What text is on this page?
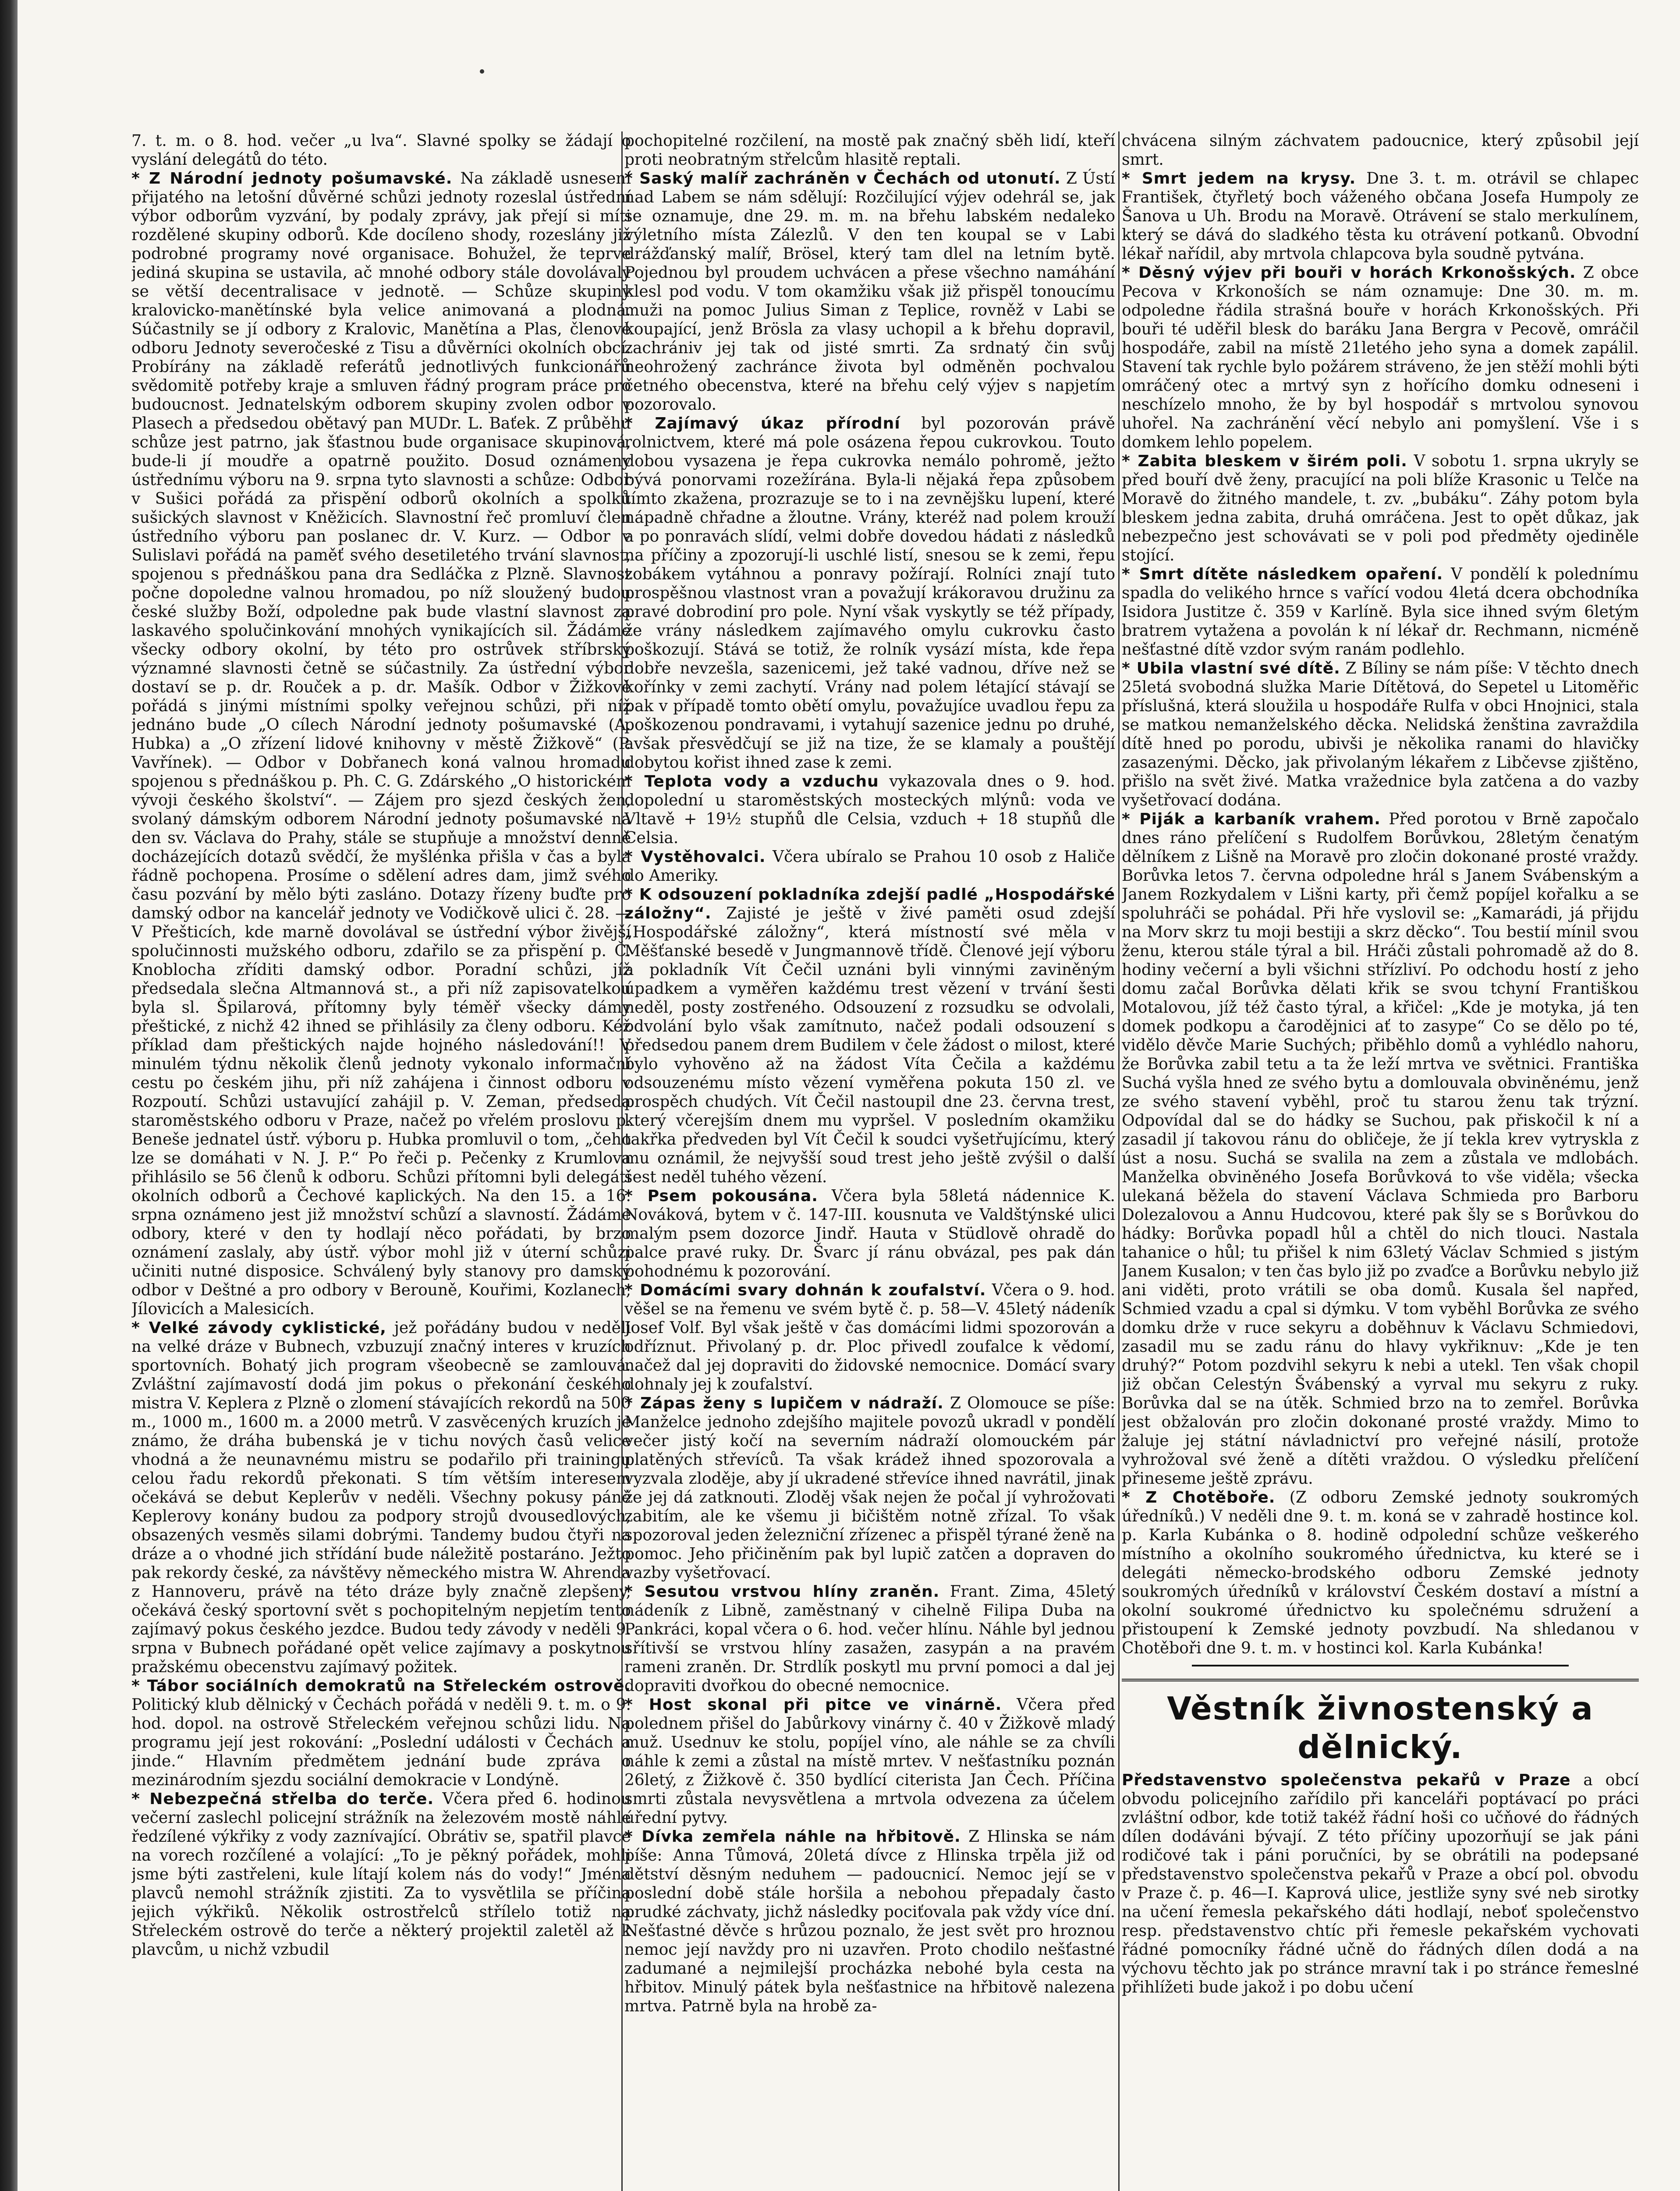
7. t. m. o 8. hod. večer „u lva“. Slavné spolky se žádají o vyslání delegátů do této.

* Z Národní jednoty pošumavské. Na základě usnesení přijatého na letošní důvěrné schůzi jednoty rozeslal ústřední výbor odborům vyzvání, by podaly zprávy, jak přejí si míti rozdělené skupiny odborů. Kde docíleno shody, rozeslány již podrobné programy nové organisace. Bohužel, že teprve jediná skupina se ustavila, ač mnohé odbory stále dovolávaly se větší decentralisace v jednotě. — Schůze skupiny kralovicko-manětínské byla velice animovaná a plodná. Súčastnily se jí odbory z Kralovic, Manětína a Plas, členové odboru Jednoty severočeské z Tisu a důvěrníci okolních obcí. Probírány na základě referátů jednotlivých funkcionářů svědomitě potřeby kraje a smluven řádný program práce pro budoucnost. Jednatelským odborem skupiny zvolen odbor v Plasech a předsedou obětavý pan MUDr. L. Baťek. Z průběhu schůze jest patrno, jak šťastnou bude organisace skupinová, bude-li jí moudře a opatrně použito. Dosud oznámeny ústřednímu výboru na 9. srpna tyto slavnosti a schůze: Odbor v Sušici pořádá za přispění odborů okolních a spolků sušických slavnost v Kněžicích. Slavnostní řeč promluví člen ústředního výboru pan poslanec dr. V. Kurz. — Odbor v Sulislavi pořádá na paměť svého desetiletého trvání slavnost, spojenou s přednáškou pana dra Sedláčka z Plzně. Slavnost počne dopoledne valnou hromadou, po níž sloužený budou české služby Boží, odpoledne pak bude vlastní slavnost za laskavého spolučinkování mnohých vynikajících sil. Žádáme všecky odbory okolní, by této pro ostrůvek stříbrský významné slavnosti četně se súčastnily. Za ústřední výbor dostaví se p. dr. Rouček a p. dr. Mašík. Odbor v Žižkově pořádá s jinými místními spolky veřejnou schůzi, při níž jednáno bude „O cílech Národní jednoty pošumavské (A. Hubka) a „O zřízení lidové knihovny v městě Žižkově“ (P. Vavřínek). — Odbor v Dobřanech koná valnou hromadu spojenou s přednáškou p. Ph. C. G. Zdárského „O historickém vývoji českého školství“. — Zájem pro sjezd českých žen, svolaný dámským odborem Národní jednoty pošumavské na den sv. Václava do Prahy, stále se stupňuje a množství denně docházejících dotazů svědčí, že myšlénka přišla v čas a byla řádně pochopena. Prosíme o sdělení adres dam, jimž svého času pozvání by mělo býti zasláno. Dotazy řízeny buďte pro damský odbor na kancelář jednoty ve Vodičkově ulici č. 28. — V Přešticích, kde marně dovolával se ústřední výbor živější spolučinnosti mužského odboru, zdařilo se za přispění p. Č. Knoblocha zříditi damský odbor. Poradní schůzi, jíž předsedala slečna Altmannová st., a při níž zapisovatelkou byla sl. Špilarová, přítomny byly téměř všecky dámy přeštické, z nichž 42 ihned se přihlásily za členy odboru. Kéž příklad dam přeštických najde hojného následování!! V minulém týdnu několik členů jednoty vykonalo informační cestu po českém jihu, při níž zahájena i činnost odboru v Rozpoutí. Schůzi ustavující zahájil p. V. Zeman, předseda staroměstského odboru v Praze, načež po vřelém proslovu p. Beneše jednatel ústř. výboru p. Hubka promluvil o tom, „čeho lze se domáhati v N. J. P.“ Po řeči p. Pečenky z Krumlova přihlásilo se 56 členů k odboru. Schůzi přítomni byli delegáti okolních odborů a Čechové kaplických. Na den 15. a 16. srpna oznámeno jest již množství schůzí a slavností. Žádáme odbory, které v den ty hodlají něco pořádati, by brzo oznámení zaslaly, aby ústř. výbor mohl již v úterní schůzi učiniti nutné disposice. Schválený byly stanovy pro damský odbor v Deštné a pro odbory v Berouně, Kouřimi, Kozlanech, Jílovicích a Malesicích.

* Velké závody cyklistické, jež pořádány budou v neděli na velké dráze v Bubnech, vzbuzují značný interes v kruzích sportovních. Bohatý jich program všeobecně se zamlouvá. Zvláštní zajímavostí dodá jim pokus o překonání českého mistra V. Keplera z Plzně o zlomení stávajících rekordů na 500 m., 1000 m., 1600 m. a 2000 metrů. V zasvěcených kruzích je známo, že dráha bubenská je v tichu nových časů velice vhodná a že neunavnému mistru se podařilo při trainingu celou řadu rekordů překonati. S tím větším interesem očekává se debut Keplerův v neděli. Všechny pokusy páně Keplerovy konány budou za podpory strojů dvousedlových, obsazených vesměs silami dobrými. Tandemy budou čtyři na dráze a o vhodné jich střídání bude náležitě postaráno. Ježto pak rekordy české, za návštěvy německého mistra W. Ahrenda z Hannoveru, právě na této dráze byly značně zlepšeny, očekává český sportovní svět s pochopitelným nepjetím tento zajímavý pokus českého jezdce. Budou tedy závody v neděli 9. srpna v Bubnech pořádané opět velice zajímavy a poskytnou pražskému obecenstvu zajímavý požitek.

* Tábor sociálních demokratů na Střeleckém ostrově. Politický klub dělnický v Čechách pořádá v neděli 9. t. m. o 9. hod. dopol. na ostrově Střeleckém veřejnou schůzi lidu. Na programu její jest rokování: „Poslední události v Čechách a jinde.“ Hlavním předmětem jednání bude zpráva o mezinárodním sjezdu sociální demokracie v Londýně.

* Nebezpečná střelba do terče. Včera před 6. hodinou večerní zaslechl policejní strážník na železovém mostě náhle ředzílené výkřiky z vody zaznívající. Obrátiv se, spatřil plavce na vorech rozčílené a volající: „To je pěkný pořádek, mohli jsme býti zastřeleni, kule lítají kolem nás do vody!“ Jména plavců nemohl strážník zjistiti. Za to vysvětlila se příčina jejich výkřiků. Několik ostrostřelců střílelo totiž na Střeleckém ostrově do terče a některý projektil zaletěl až k plavcům, u nichž vzbudil

pochopitelné rozčilení, na mostě pak značný sběh lidí, kteří proti neobratným střelcům hlasitě reptali.

* Saský malíř zachráněn v Čechách od utonutí. Z Ústí nad Labem se nám sdělují: Rozčilující výjev odehrál se, jak se oznamuje, dne 29. m. m. na břehu labském nedaleko výletního místa Zálezlů. V den ten koupal se v Labi drážďanský malíř, Brösel, který tam dlel na letním bytě. Pojednou byl proudem uchvácen a přese všechno namáhání klesl pod vodu. V tom okamžiku však již přispěl tonoucímu muži na pomoc Julius Siman z Teplice, rovněž v Labi se koupající, jenž Brösla za vlasy uchopil a k břehu dopravil, zachrániv jej tak od jisté smrti. Za srdnatý čin svůj neohrožený zachránce života byl odměněn pochvalou četného obecenstva, které na břehu celý výjev s napjetím pozorovalo.

* Zajímavý úkaz přírodní byl pozorován právě rolnictvem, které má pole osázena řepou cukrovkou. Touto dobou vysazena je řepa cukrovka nemálo pohromě, ježto bývá ponorvami rozežírána. Byla-li nějaká řepa způsobem tímto zkažena, prozrazuje se to i na zevnějšku lupení, které nápadně chřadne a žloutne. Vrány, kteréž nad polem krouží a po ponravách slídí, velmi dobře dovedou hádati z následků na příčiny a zpozorují-li uschlé listí, snesou se k zemi, řepu zobákem vytáhnou a ponravy požírají. Rolníci znají tuto prospěšnou vlastnost vran a považují krákoravou družinu za pravé dobrodiní pro pole. Nyní však vyskytly se též případy, že vrány následkem zajímavého omylu cukrovku často poškozují. Stává se totiž, že rolník vysází místa, kde řepa dobře nevzešla, sazenicemi, jež také vadnou, dříve než se kořínky v zemi zachytí. Vrány nad polem létající stávají se pak v případě tomto obětí omylu, považujíce uvadlou řepu za poškozenou pondravami, i vytahují sazenice jednu po druhé, avšak přesvědčují se již na tize, že se klamaly a pouštějí dobytou kořist ihned zase k zemi.

* Teplota vody a vzduchu vykazovala dnes o 9. hod. dopolední u staroměstských mosteckých mlýnů: voda ve Vltavě + 19½ stupňů dle Celsia, vzduch + 18 stupňů dle Celsia.

* Vystěhovalci. Včera ubíralo se Prahou 10 osob z Haliče do Ameriky.

* K odsouzení pokladníka zdejší padlé „Hospodářské záložny“. Zajisté je ještě v živé paměti osud zdejší „Hospodářské záložny“, která místností své měla v Měšťanské besedě v Jungmannově třídě. Členové její výboru a pokladník Vít Čečil uznáni byli vinnými zaviněným úpadkem a vyměřen každému trest vězení v trvání šesti neděl, posty zostřeného. Odsouzení z rozsudku se odvolali, odvolání bylo však zamítnuto, načež podali odsouzení s předsedou panem drem Budilem v čele žádost o milost, které bylo vyhověno až na žádost Víta Čečila a každému odsouzenému místo vězení vyměřena pokuta 150 zl. ve prospěch chudých. Vít Čečil nastoupil dne 23. června trest, který včerejším dnem mu vypršel. V posledním okamžiku takřka předveden byl Vít Čečil k soudci vyšetřujícímu, který mu oznámil, že nejvyšší soud trest jeho ještě zvýšil o další šest neděl tuhého vězení.

* Psem pokousána. Včera byla 58letá nádennice K. Nováková, bytem v č. 147-III. kousnuta ve Valdštýnské ulici malým psem dozorce Jindř. Hauta v Stüdlově ohradě do palce pravé ruky. Dr. Švarc jí ránu obvázal, pes pak dán pohodnému k pozorování.

* Domácími svary dohnán k zoufalství. Včera o 9. hod. věšel se na řemenu ve svém bytě č. p. 58—V. 45letý nádeník Josef Volf. Byl však ještě v čas domácími lidmi spozorován a odříznut. Přivolaný p. dr. Ploc přivedl zoufalce k vědomí, načež dal jej dopraviti do židovské nemocnice. Domácí svary dohnaly jej k zoufalství.

* Zápas ženy s lupičem v nádraží. Z Olomouce se píše: Manželce jednoho zdejšího majitele povozů ukradl v pondělí večer jistý kočí na severním nádraží olomouckém pár platěných střevíců. Ta však krádež ihned spozorovala a vyzvala zloděje, aby jí ukradené střevíce ihned navrátil, jinak že jej dá zatknouti. Zloděj však nejen že počal jí vyhrožovati zabitím, ale ke všemu ji bičištěm notně zřízal. To však spozoroval jeden železniční zřízenec a přispěl týrané ženě na pomoc. Jeho přičiněním pak byl lupič zatčen a dopraven do vazby vyšetřovací.

* Sesutou vrstvou hlíny zraněn. Frant. Zima, 45letý nádeník z Libně, zaměstnaný v cihelně Filipa Duba na Pankráci, kopal včera o 6. hod. večer hlínu. Náhle byl jednou sřítivší se vrstvou hlíny zasažen, zasypán a na pravém rameni zraněn. Dr. Strdlík poskytl mu první pomoci a dal jej dopraviti dvořkou do obecné nemocnice.

* Host skonal při pitce ve vinárně. Včera před polednem přišel do Jabůrkovy vinárny č. 40 v Žižkově mladý muž. Usednuv ke stolu, popíjel víno, ale náhle se za chvíli náhle k zemi a zůstal na místě mrtev. V nešťastníku poznán 26letý, z Žižkově č. 350 bydlící citerista Jan Čech. Příčina smrti zůstala nevysvětlena a mrtvola odvezena za účelem úřední pytvy.

* Dívka zemřela náhle na hřbitově. Z Hlinska se nám píše: Anna Tůmová, 20letá dívce z Hlinska trpěla již od dětství děsným neduhem — padoucnicí. Nemoc její se v poslední době stále horšila a nebohou přepadaly často prudké záchvaty, jichž následky pociťovala pak vždy více dní. Nešťastné děvče s hrůzou poznalo, že jest svět pro hroznou nemoc její navždy pro ni uzavřen. Proto chodilo nešťastné zadumané a nejmilejší procházka nebohé byla cesta na hřbitov. Minulý pátek byla nešťastnice na hřbitově nalezena mrtva. Patrně byla na hrobě za-

chvácena silným záchvatem padoucnice, který způsobil její smrt.

* Smrt jedem na krysy. Dne 3. t. m. otrávil se chlapec František, čtyřletý boch váženého občana Josefa Humpoly ze Šanova u Uh. Brodu na Moravě. Otrávení se stalo merkulínem, který se dává do sladkého těsta ku otrávení potkanů. Obvodní lékař nařídil, aby mrtvola chlapcova byla soudně pytvána.

* Děsný výjev při bouři v horách Krkonošských. Z obce Pecova v Krkonoších se nám oznamuje: Dne 30. m. m. odpoledne řádila strašná bouře v horách Krkonošských. Při bouři té uděřil blesk do baráku Jana Bergra v Pecově, omráčil hospodáře, zabil na místě 21letého jeho syna a domek zapálil. Stavení tak rychle bylo požárem stráveno, že jen stěží mohli býti omráčený otec a mrtvý syn z hořícího domku odneseni i neschízelo mnoho, že by byl hospodář s mrtvolou synovou uhořel. Na zachránění věcí nebylo ani pomyšlení. Vše i s domkem lehlo popelem.

* Zabita bleskem v širém poli. V sobotu 1. srpna ukryly se před bouří dvě ženy, pracující na poli blíže Krasonic u Telče na Moravě do žitného mandele, t. zv. „bubáku“. Záhy potom byla bleskem jedna zabita, druhá omráčena. Jest to opět důkaz, jak nebezpečno jest schovávati se v poli pod předměty ojediněle stojící.

* Smrt dítěte následkem opaření. V pondělí k polednímu spadla do velikého hrnce s vařící vodou 4letá dcera obchodníka Isidora Justitze č. 359 v Karlíně. Byla sice ihned svým 6letým bratrem vytažena a povolán k ní lékař dr. Rechmann, nicméně nešťastné dítě vzdor svým ranám podlehlo.

* Ubila vlastní své dítě. Z Bíliny se nám píše: V těchto dnech 25letá svobodná služka Marie Dítětová, do Sepetel u Litoměřic příslušná, která sloužila u hospodáře Rulfa v obci Hnojnici, stala se matkou nemanželského děcka. Nelidská ženština zavraždila dítě hned po porodu, ubivši je několika ranami do hlavičky zasazenými. Děcko, jak přivolaným lékařem z Libčevse zjištěno, přišlo na svět živé. Matka vražednice byla zatčena a do vazby vyšetřovací dodána.

* Piják a karbaník vrahem. Před porotou v Brně započalo dnes ráno přelíčení s Rudolfem Borůvkou, 28letým čenatým dělníkem z Lišně na Moravě pro zločin dokonané prosté vraždy. Borůvka letos 7. června odpoledne hrál s Janem Svábenským a Janem Rozkydalem v Lišni karty, při čemž popíjel kořalku a se spoluhráči se pohádal. Při hře vyslovil se: „Kamarádi, já přijdu na Morv skrz tu moji bestiji a skrz děcko“. Tou bestií mínil svou ženu, kterou stále týral a bil. Hráči zůstali pohromadě až do 8. hodiny večerní a byli všichni střízliví. Po odchodu hostí z jeho domu začal Borůvka dělati křik se svou tchyní Františkou Motalovou, jíž též často týral, a křičel: „Kde je motyka, já ten domek podkopu a čarodějnici ať to zasype“ Co se dělo po té, vidělo děvče Marie Suchých; přiběhlo domů a vyhlédlo nahoru, že Borůvka zabil tetu a ta že leží mrtva ve světnici. Františka Suchá vyšla hned ze svého bytu a domlouvala obviněnému, jenž ze svého stavení vyběhl, proč tu starou ženu tak trýzní. Odpovídal dal se do hádky se Suchou, pak přiskočil k ní a zasadil jí takovou ránu do obličeje, že jí tekla krev vytryskla z úst a nosu. Suchá se svalila na zem a zůstala ve mdlobách. Manželka obviněného Josefa Borůvková to vše viděla; všecka ulekaná běžela do stavení Václava Schmieda pro Barboru Dolezalovou a Annu Hudcovou, které pak šly se s Borůvkou do hádky: Borůvka popadl hůl a chtěl do nich tlouci. Nastala tahanice o hůl; tu přišel k nim 63letý Václav Schmied s jistým Janem Kusalon; v ten čas bylo již po zvaďce a Borůvku nebylo již ani viděti, proto vrátili se oba domů. Kusala šel napřed, Schmied vzadu a cpal si dýmku. V tom vyběhl Borůvka ze svého domku drže v ruce sekyru a doběhnuv k Václavu Schmiedovi, zasadil mu se zadu ránu do hlavy vykřiknuv: „Kde je ten druhý?“ Potom pozdvihl sekyru k nebi a utekl. Ten však chopil již občan Celestýn Švábenský a vyrval mu sekyru z ruky. Borůvka dal se na útěk. Schmied brzo na to zemřel. Borůvka jest obžalován pro zločin dokonané prosté vraždy. Mimo to žaluje jej státní návladnictví pro veřejné násilí, protože vyhrožoval své ženě a dítěti vraždou. O výsledku přelíčení přineseme ještě zprávu.

* Z Chotěboře. (Z odboru Zemské jednoty soukromých úředníků.) V neděli dne 9. t. m. koná se v zahradě hostince kol. p. Karla Kubánka o 8. hodině odpolední schůze veškerého místního a okolního soukromého úřednictva, ku které se i delegáti německo-brodského odboru Zemské jednoty soukromých úředníků v království Českém dostaví a místní a okolní soukromé úřednictvo ku společnému sdružení a přistoupení k Zemské jednoty povzbudí. Na shledanou v Chotěboři dne 9. t. m. v hostinci kol. Karla Kubánka!

Věstník živnostenský a dělnický.

Představenstvo společenstva pekařů v Praze a obcí obvodu policejního zařídilo při kanceláři poptávací po práci zvláštní odbor, kde totiž takéž řádní hoši co učňové do řádných dílen dodáváni bývají. Z této příčiny upozorňují se jak páni rodičové tak i páni poručníci, by se obrátili na podepsané představenstvo společenstva pekařů v Praze a obcí pol. obvodu v Praze č. p. 46—I. Kaprová ulice, jestliže syny své neb sirotky na učení řemesla pekařského dáti hodlají, neboť společenstvo resp. představenstvo chtíc při řemesle pekařském vychovati řádné pomocníky řádné učně do řádných dílen dodá a na výchovu těchto jak po stránce mravní tak i po stránce řemeslné přihlížeti bude jakož i po dobu učení
